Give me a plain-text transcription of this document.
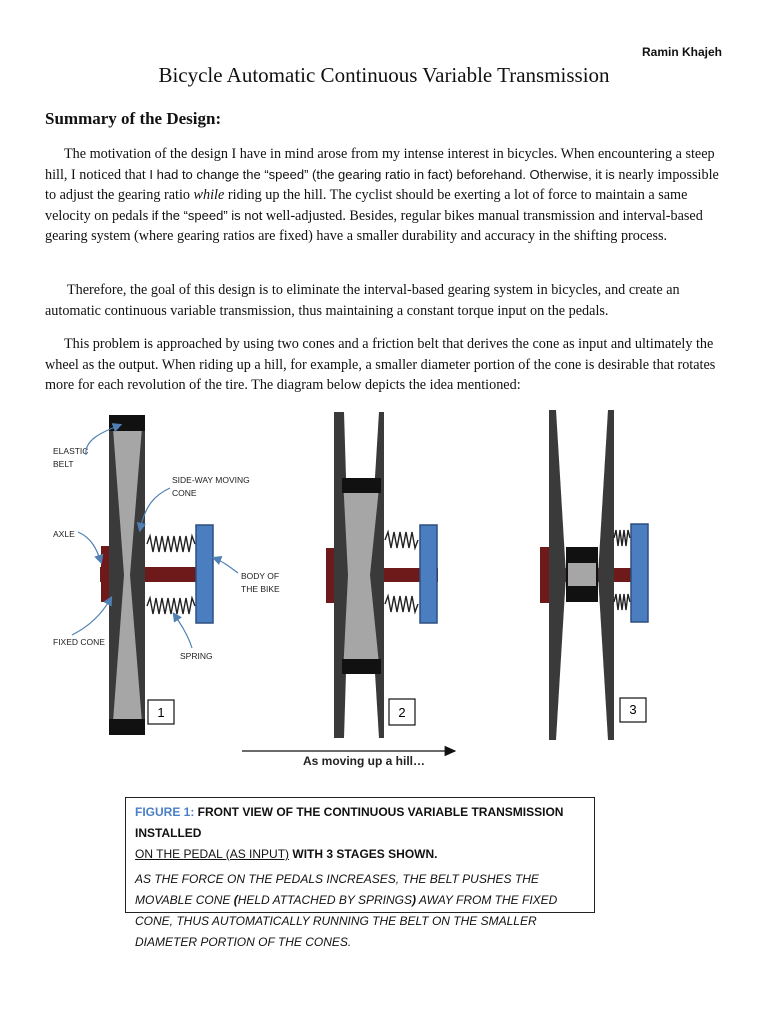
Ramin Khajeh
Bicycle Automatic Continuous Variable Transmission
Summary of the Design:

The motivation of the design I have in mind arose from my intense interest in bicycles. When encountering a steep hill, I noticed that I had to change the “speed” (the gearing ratio in fact) beforehand. Otherwise, it is nearly impossible to adjust the gearing ratio while riding up the hill. The cyclist should be exerting a lot of force to maintain a same velocity on pedals if the “speed” is not well-adjusted. Besides, regular bikes manual transmission and interval-based gearing system (where gearing ratios are fixed) have a smaller durability and accuracy in the shifting process.

Therefore, the goal of this design is to eliminate the interval-based gearing system in bicycles, and create an automatic continuous variable transmission, thus maintaining a constant torque input on the pedals.

This problem is approached by using two cones and a friction belt that derives the cone as input and ultimately the wheel as the output. When riding up a hill, for example, a smaller diameter portion of the cone is desirable that rotates more for each revolution of the tire. The diagram below depicts the idea mentioned:

1
ELASTIC
BELT
SIDE-WAY MOVING
CONE
AXLE
BODY OF
THE BIKE
FIXED CONE
SPRING
2	3
As moving up a hill…
FIGURE 1: FRONT VIEW OF THE CONTINUOUS VARIABLE TRANSMISSION INSTALLED
ON THE PEDAL (AS INPUT) WITH 3 STAGES SHOWN.
AS THE FORCE ON THE PEDALS INCREASES, THE BELT PUSHES THE MOVABLE CONE (HELD ATTACHED BY SPRINGS) AWAY FROM THE FIXED CONE, THUS AUTOMATICALLY RUNNING THE BELT ON THE SMALLER DIAMETER PORTION OF THE CONES.
